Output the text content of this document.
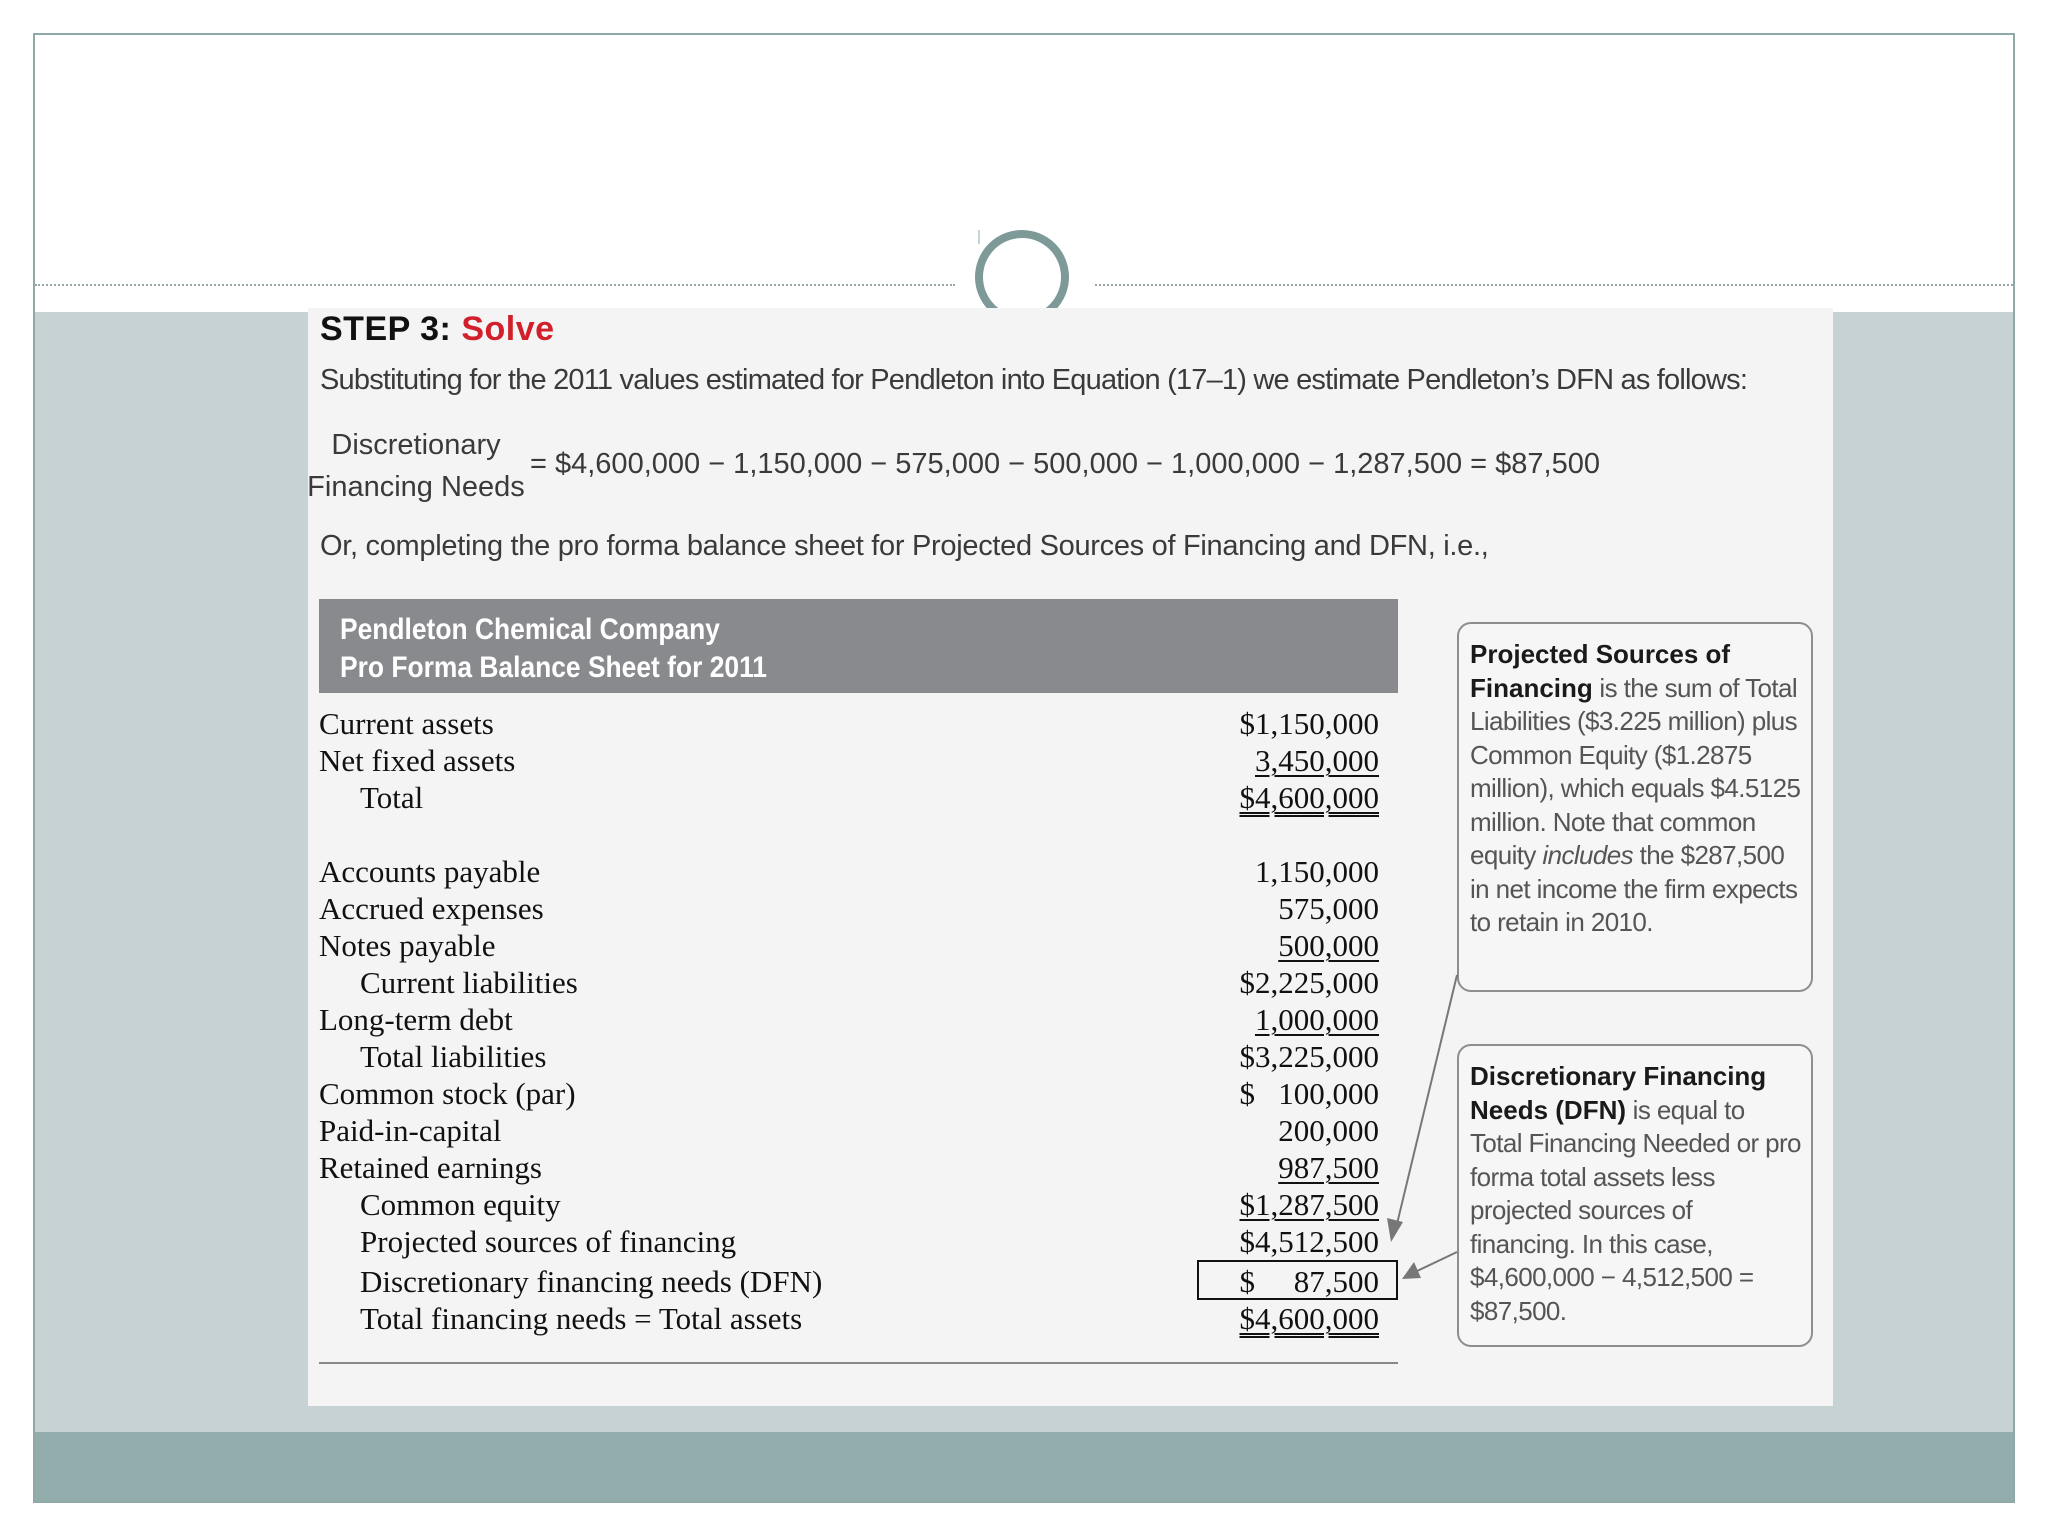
STEP 3: Solve
Substituting for the 2011 values estimated for Pendleton into Equation (17–1) we estimate Pendleton’s DFN as follows:
Discretionary
Financing Needs
= $4,600,000 − 1,150,000 − 575,000 − 500,000 − 1,000,000 − 1,287,500 = $87,500
Or, completing the pro forma balance sheet for Projected Sources of Financing and DFN, i.e.,
Pendleton Chemical Company
Pro Forma Balance Sheet for 2011
Current assets	$1,150,000
Net fixed assets	3,450,000
Total	$4,600,000
Accounts payable	1,150,000
Accrued expenses	575,000
Notes payable	500,000
Current liabilities	$2,225,000
Long-term debt	1,000,000
Total liabilities	$3,225,000
Common stock (par)	$   100,000
Paid-in-capital	200,000
Retained earnings	987,500
Common equity	$1,287,500
Projected sources of financing	$4,512,500
Discretionary financing needs (DFN)	$     87,500
Total financing needs = Total assets	$4,600,000
Projected Sources of Financing is the sum of Total Liabilities ($3.225 million) plus Common Equity ($1.2875 million), which equals $4.5125 million. Note that common equity includes the $287,500 in net income the firm expects to retain in 2010.
Discretionary Financing Needs (DFN) is equal to Total Financing Needed or pro forma total assets less projected sources of financing. In this case, $4,600,000 − 4,512,500 = $87,500.
